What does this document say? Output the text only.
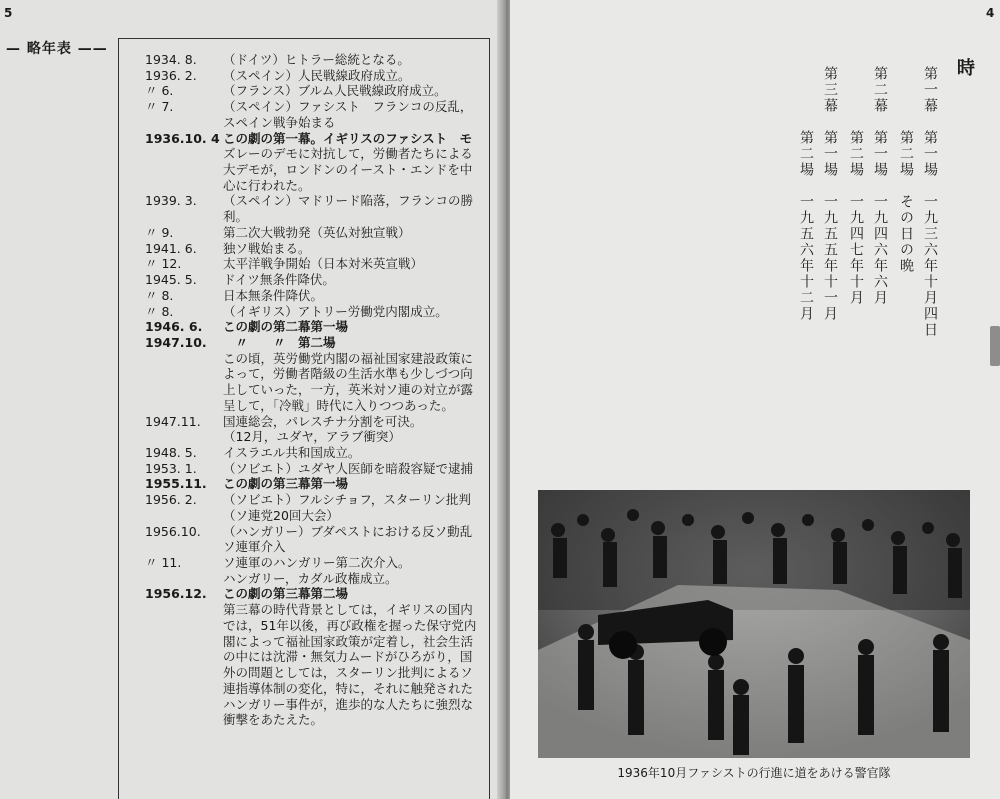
5
— 略年表 ——
1934. 8. （ドイツ）ヒトラー総統となる。
1936. 2. （スペイン）人民戦線政府成立。
〃 6.	（フランス）ブルム人民戦線政府成立。
〃 7.	（スペイン）ファシスト　フランコの反乱，
スペイン戦争始まる
1936.10. 4 この劇の第一幕。イギリスのファシスト　モ
ズレーのデモに対抗して，労働者たちによる
大デモが，ロンドンのイースト・エンドを中
心に行われた。
1939. 3. （スペイン）マドリード陥落，フランコの勝
利。
〃 9.	第二次大戦勃発（英仏対独宣戦）
1941. 6. 独ソ戦始まる。
〃 12.	太平洋戦争開始（日本対米英宣戦）
1945. 5. ドイツ無条件降伏。
〃 8.	日本無条件降伏。
〃 8.	（イギリス）アトリー労働党内閣成立。
1946. 6. この劇の第二幕第一場
1947.10. 　〃　　〃　第二場
この頃，英労働党内閣の福祉国家建設政策に
よって，労働者階級の生活水準も少しづつ向
上していった，一方，英米対ソ連の対立が露
呈して，「冷戦」時代に入りつつあった。
1947.11. 国連総会，パレスチナ分割を可決。
（12月，ユダヤ，アラブ衝突）
1948. 5. イスラエル共和国成立。
1953. 1. （ソビエト）ユダヤ人医師を暗殺容疑で逮捕
1955.11. この劇の第三幕第一場
1956. 2. （ソビエト）フルシチョフ，スターリン批判
（ソ連党20回大会）
1956.10. （ハンガリー）ブダペストにおける反ソ動乱
ソ連軍介入
〃 11.	ソ連軍のハンガリー第二次介入。
ハンガリー，カダル政権成立。
1956.12. この劇の第三幕第二場
第三幕の時代背景としては，イギリスの国内
では，51年以後，再び政権を握った保守党内
閣によって福祉国家政策が定着し，社会生活
の中には沈滞・無気力ムードがひろがり，国
外の問題としては，スターリン批判によるソ
連指導体制の変化，特に，それに触発された
ハンガリー事件が，進歩的な人たちに強烈な
衝撃をあたえた。
4
時
第一幕　第一場　一九三六年十月四日
　　　　第二場　その日の晩
第二幕　第一場　一九四六年六月
　　　　第二場　一九四七年十月
第三幕　第一場　一九五五年十一月
　　　　第二場　一九五六年十二月
1936年10月ファシストの行進に道をあける警官隊
